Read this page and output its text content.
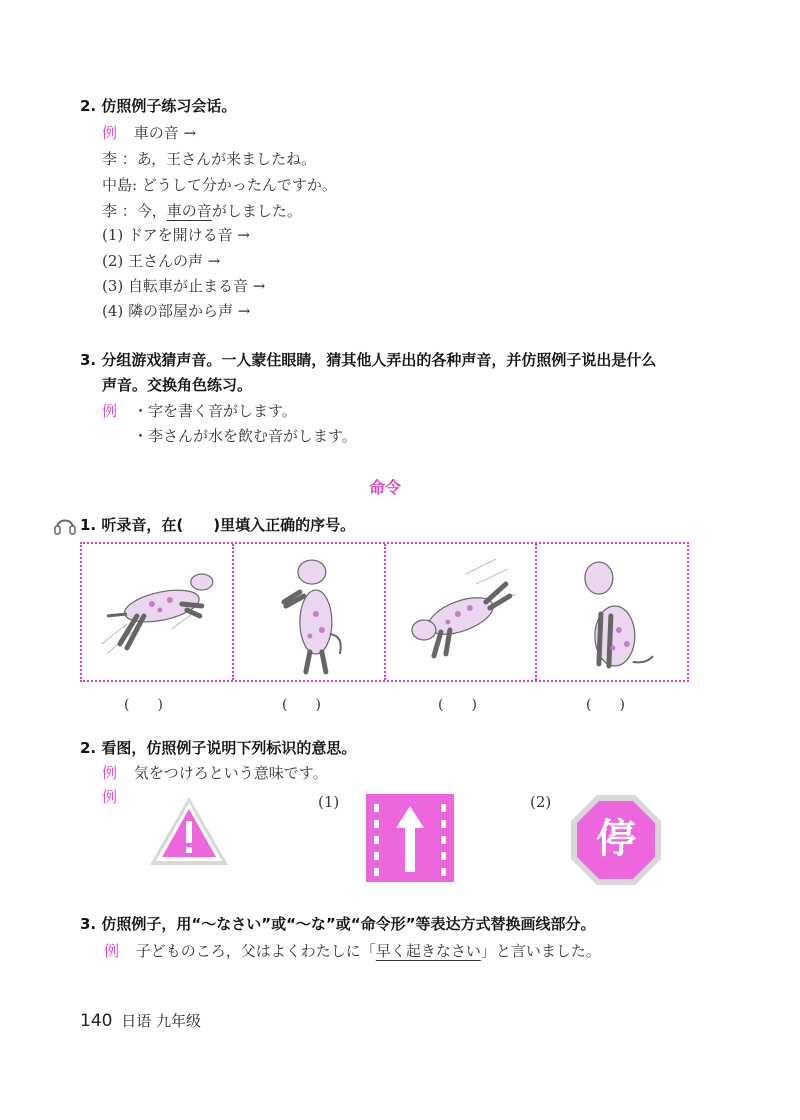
2. 仿照例子练习会话。
例 車の音 →
李 ：あ，王さんが来ましたね。
中島: どうして分かったんですか。
李 ：今，車の音がしました。
(1) ドアを開ける音 →
(2) 王さんの声 →
(3) 自転車が止まる音 →
(4) 隣の部屋から声 →
3. 分组游戏猜声音。一人蒙住眼睛，猜其他人弄出的各种声音，并仿照例子说出是什么
声音。交换角色练习。
例 ・字を書く音がします。
・李さんが水を飲む音がします。
命令
1. 听录音，在(　　)里填入正确的序号。
(　　)	(　　)	(　　)	(　　)
2. 看图，仿照例子说明下列标识的意思。
例 気をつけろという意味です。
例	(1)	(2)
停
3. 仿照例子，用“～なさい”或“～な”或“命令形”等表达方式替换画线部分。
例 子どものころ，父はよくわたしに「早く起きなさい」と言いました。
140 日语 九年级
